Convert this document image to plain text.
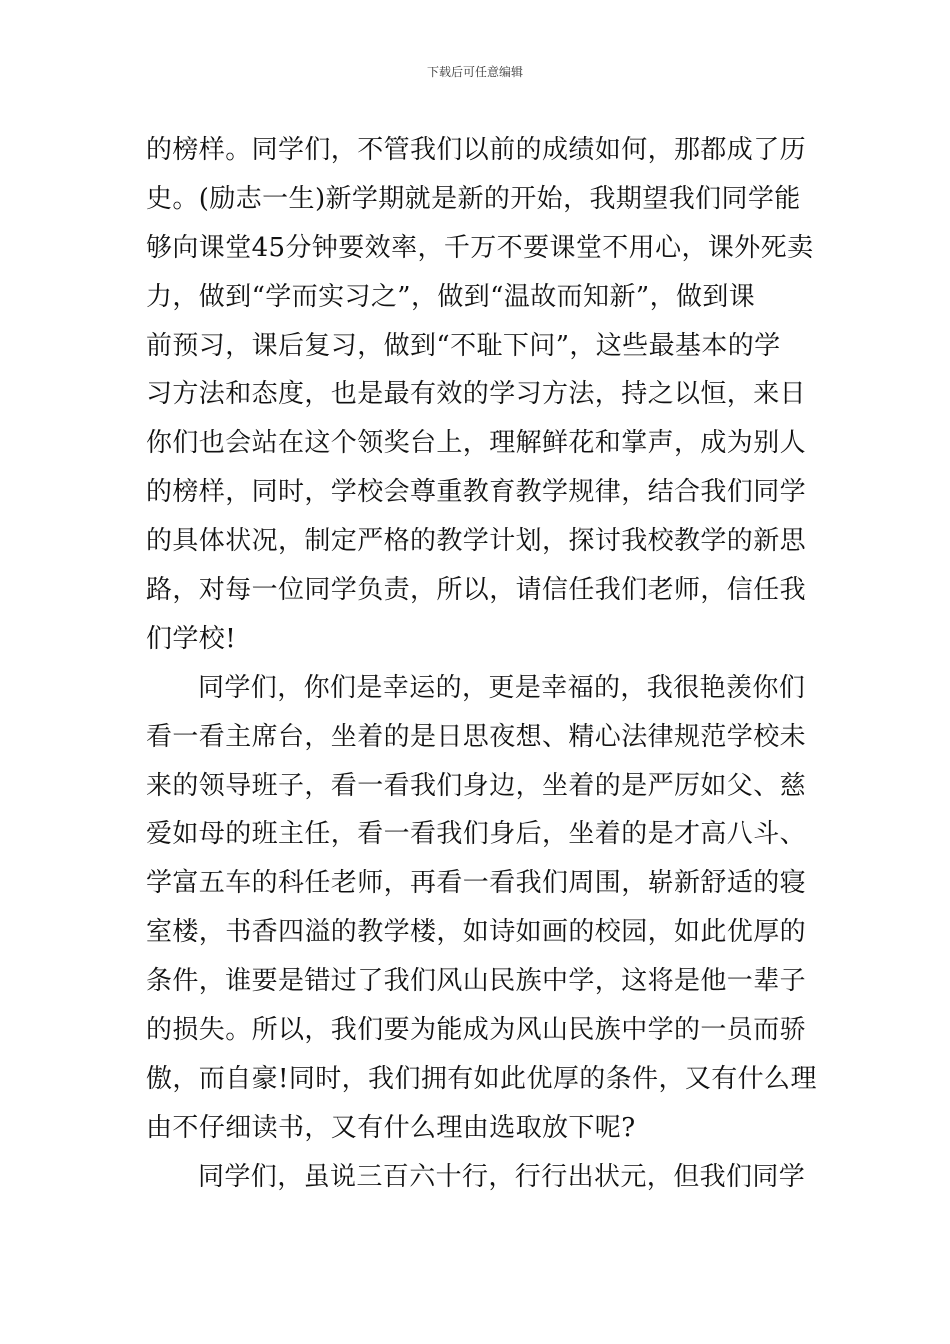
下载后可任意编辑
的榜样。同学们，不管我们以前的成绩如何，那都成了历
史。(励志一生)新学期就是新的开始，我期望我们同学能
够向课堂45分钟要效率，千万不要课堂不用心，课外死卖
力，做到“学而实习之”，做到“温故而知新”，做到课
前预习，课后复习，做到“不耻下问”，这些最基本的学
习方法和态度，也是最有效的学习方法，持之以恒，来日
你们也会站在这个领奖台上，理解鲜花和掌声，成为别人
的榜样，同时，学校会尊重教育教学规律，结合我们同学
的具体状况，制定严格的教学计划，探讨我校教学的新思
路，对每一位同学负责，所以，请信任我们老师，信任我
们学校!
同学们，你们是幸运的，更是幸福的，我很艳羡你们
看一看主席台，坐着的是日思夜想、精心法律规范学校未
来的领导班子，看一看我们身边，坐着的是严厉如父、慈
爱如母的班主任，看一看我们身后，坐着的是才高八斗、
学富五车的科任老师，再看一看我们周围，崭新舒适的寝
室楼，书香四溢的教学楼，如诗如画的校园，如此优厚的
条件，谁要是错过了我们风山民族中学，这将是他一辈子
的损失。所以，我们要为能成为风山民族中学的一员而骄
傲，而自豪!同时，我们拥有如此优厚的条件，又有什么理
由不仔细读书，又有什么理由选取放下呢?
同学们，虽说三百六十行，行行出状元，但我们同学
